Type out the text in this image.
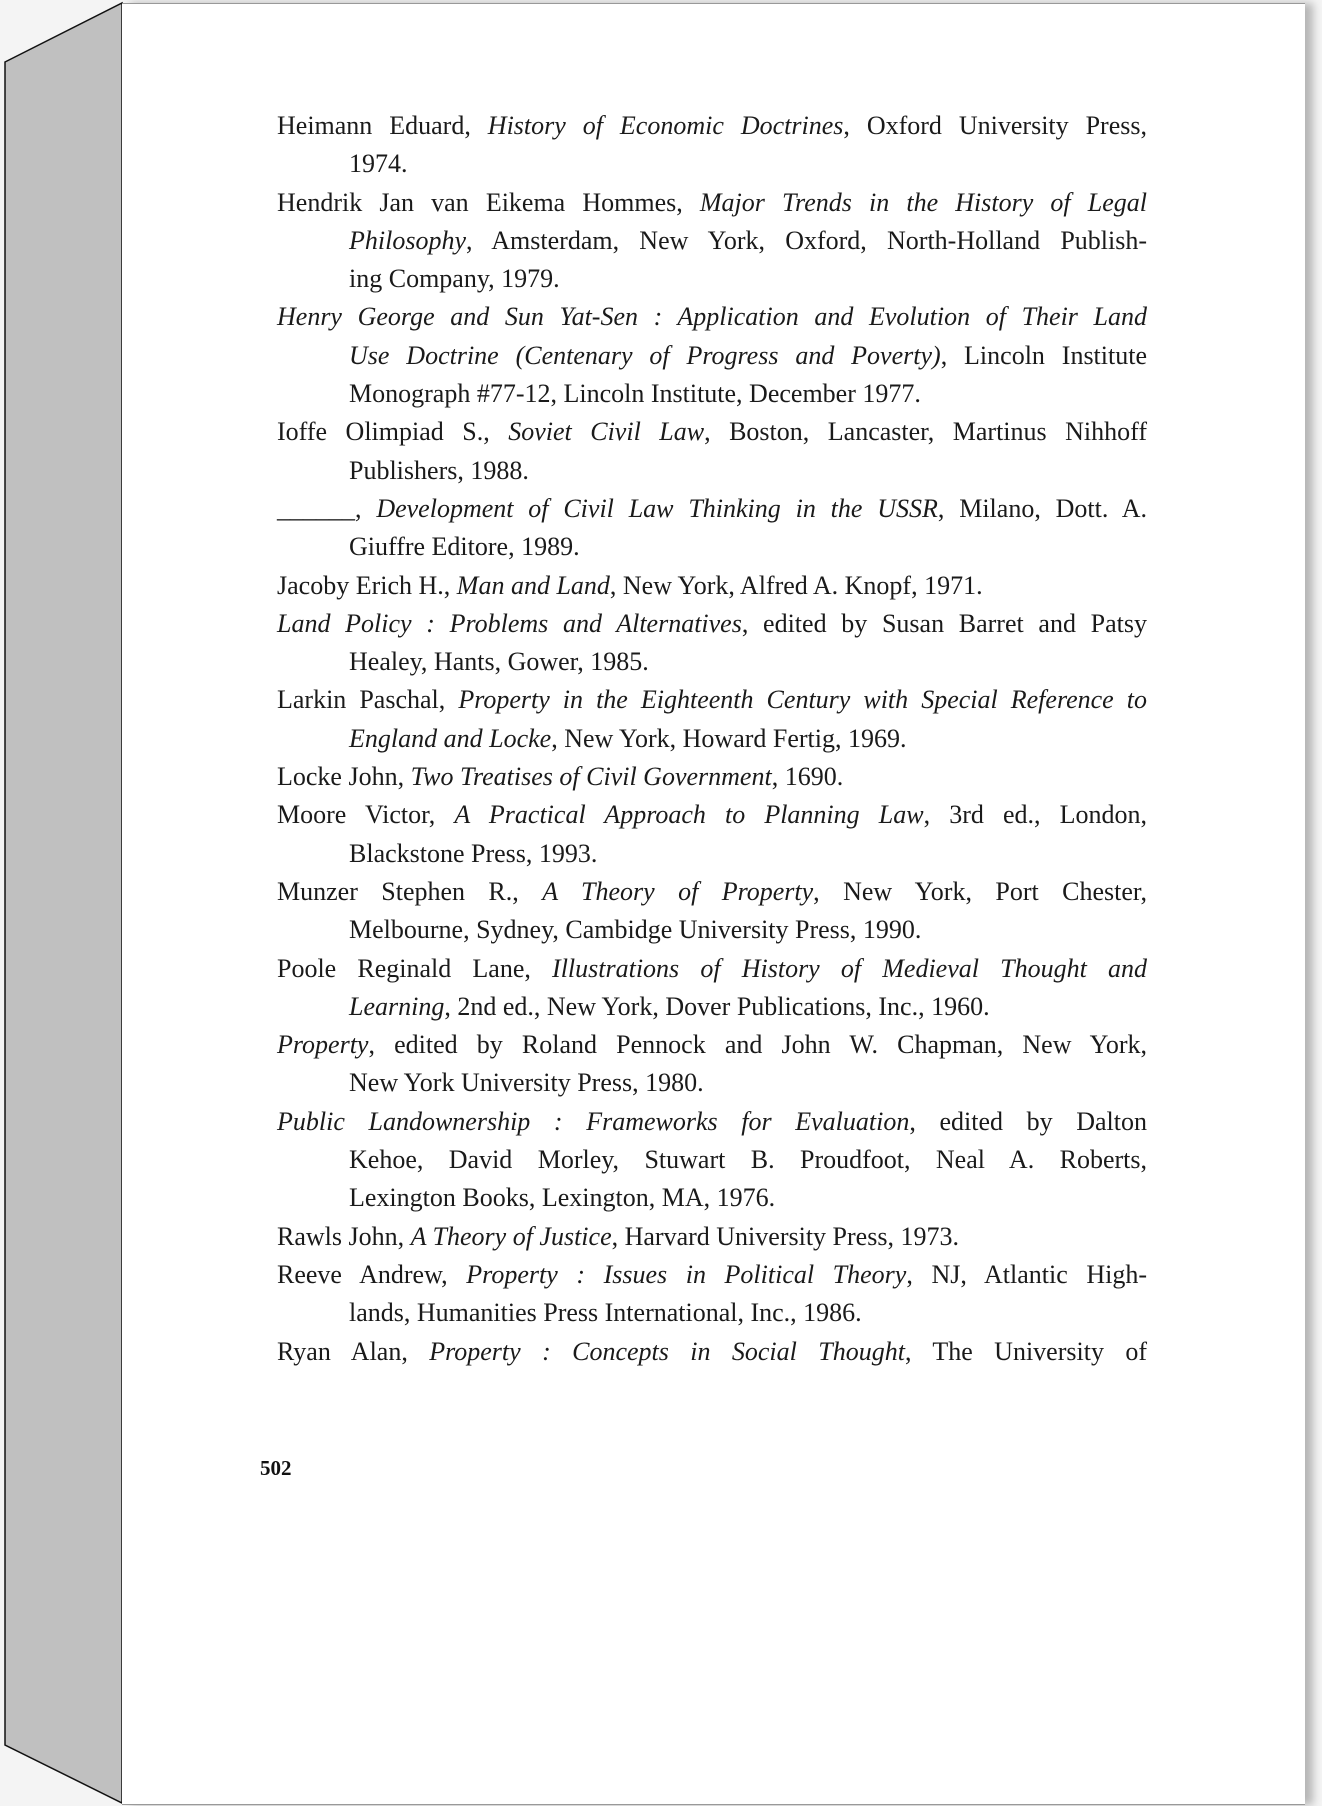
Heimann Eduard, History of Economic Doctrines, Oxford University Press,
1974.
Hendrik Jan van Eikema Hommes, Major Trends in the History of Legal
Philosophy, Amsterdam, New York, Oxford, North-Holland Publish-
ing Company, 1979.
Henry George and Sun Yat-Sen : Application and Evolution of Their Land
Use Doctrine (Centenary of Progress and Poverty), Lincoln Institute
Monograph #77-12, Lincoln Institute, December 1977.
Ioffe Olimpiad S., Soviet Civil Law, Boston, Lancaster, Martinus Nihhoff
Publishers, 1988.
______, Development of Civil Law Thinking in the USSR, Milano, Dott. A.
Giuffre Editore, 1989.
Jacoby Erich H., Man and Land, New York, Alfred A. Knopf, 1971.
Land Policy : Problems and Alternatives, edited by Susan Barret and Patsy
Healey, Hants, Gower, 1985.
Larkin Paschal, Property in the Eighteenth Century with Special Reference to
England and Locke, New York, Howard Fertig, 1969.
Locke John, Two Treatises of Civil Government, 1690.
Moore Victor, A Practical Approach to Planning Law, 3rd ed., London,
Blackstone Press, 1993.
Munzer Stephen R., A Theory of Property, New York, Port Chester,
Melbourne, Sydney, Cambidge University Press, 1990.
Poole Reginald Lane, Illustrations of History of Medieval Thought and
Learning, 2nd ed., New York, Dover Publications, Inc., 1960.
Property, edited by Roland Pennock and John W. Chapman, New York,
New York University Press, 1980.
Public Landownership : Frameworks for Evaluation, edited by Dalton
Kehoe, David Morley, Stuwart B. Proudfoot, Neal A. Roberts,
Lexington Books, Lexington, MA, 1976.
Rawls John, A Theory of Justice, Harvard University Press, 1973.
Reeve Andrew, Property : Issues in Political Theory, NJ, Atlantic High-
lands, Humanities Press International, Inc., 1986.
Ryan Alan, Property : Concepts in Social Thought, The University of
502
